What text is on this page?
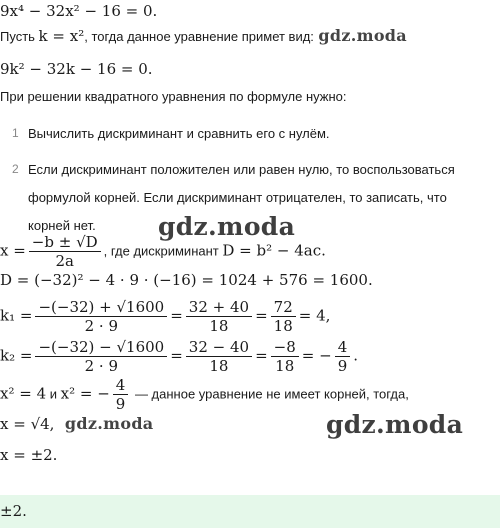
9x⁴ − 32x² − 16 = 0.
Пусть k = x², тогда данное уравнение примет вид: gdz.moda
9k² − 32k − 16 = 0.
При решении квадратного уравнения по формуле нужно:
1 Вычислить дискриминант и сравнить его с нулём.
2 Если дискриминант положителен или равен нулю, то воспользоваться
формулой корней. Если дискриминант отрицателен, то записать, что
корней нет. gdz.moda
$x = \frac{-b \pm √D}{2a}$ , где дискриминант D = b² − 4ac.
D = (−32)² − 4 · 9 · (−16) = 1024 + 576 = 1600.
$k_1 = \frac{-(-32) + √1600}{2 \cdot 9} = \frac{32 + 40}{18} = \frac{72}{18} = 4$,
$k_2 = \frac{-(-32) - √1600}{2 \cdot 9} = \frac{32 - 40}{18} = \frac{-8}{18}$ = − $\frac{4}{9}$ .
x² = 4 и x² = − $\frac{4}{9}$ — данное уравнение не имеет корней, тогда,
x = √4, gdz.moda	gdz.moda
x = ±2.
±2.
